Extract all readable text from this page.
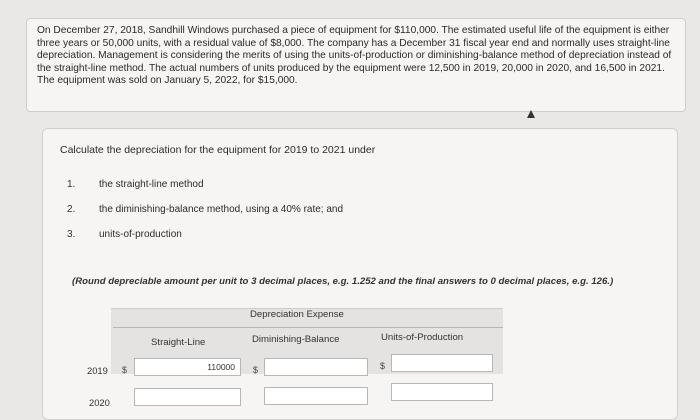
On December 27, 2018, Sandhill Windows purchased a piece of equipment for $110,000. The estimated useful life of the equipment is either three years or 50,000 units, with a residual value of $8,000. The company has a December 31 fiscal year end and normally uses straight-line depreciation. Management is considering the merits of using the units-of-production or diminishing-balance method of depreciation instead of the straight-line method. The actual numbers of units produced by the equipment were 12,500 in 2019, 20,000 in 2020, and 16,500 in 2021. The equipment was sold on January 5, 2022, for $15,000.
Calculate the depreciation for the equipment for 2019 to 2021 under
1.	the straight-line method
2.	the diminishing-balance method, using a 40% rate; and
3.	units-of-production
(Round depreciable amount per unit to 3 decimal places, e.g. 1.252 and the final answers to 0 decimal places, e.g. 126.)
Depreciation Expense
Straight-Line	Diminishing-Balance	Units-of-Production
2019 $	110000	$	$
2020
